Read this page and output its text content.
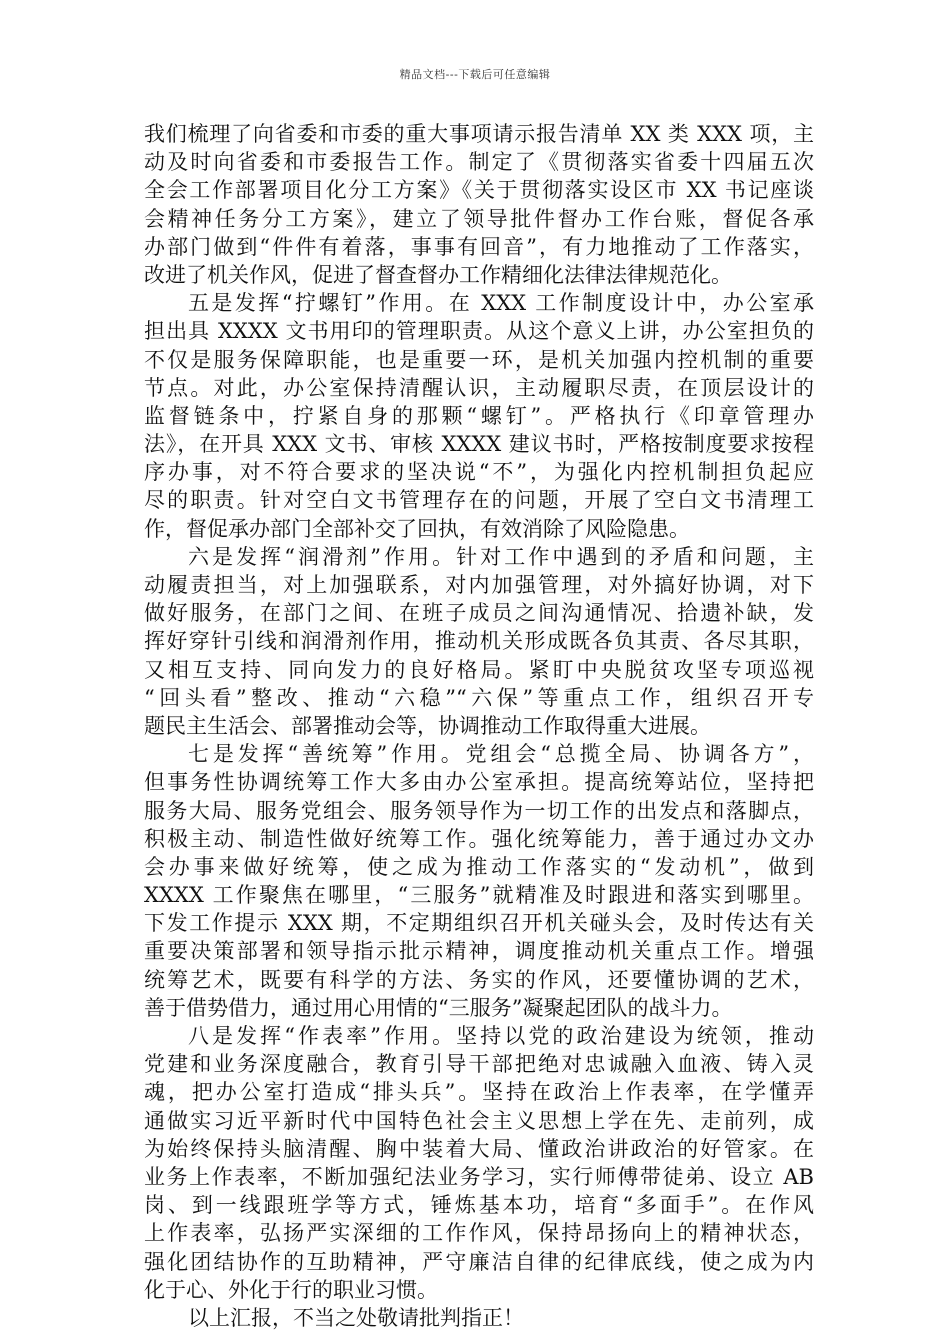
精品文档---下载后可任意编辑
我们梳理了向省委和市委的重大事项请示报告清单 XX 类 XXX 项，主
动及时向省委和市委报告工作。制定了《贯彻落实省委十四届五次
全会工作部署项目化分工方案》《关于贯彻落实设区市 XX 书记座谈
会精神任务分工方案》，建立了领导批件督办工作台账，督促各承
办部门做到“件件有着落，事事有回音”，有力地推动了工作落实，
改进了机关作风，促进了督查督办工作精细化法律法律规范化。
五是发挥“拧螺钉”作用。在 XXX 工作制度设计中，办公室承
担出具 XXXX 文书用印的管理职责。从这个意义上讲，办公室担负的
不仅是服务保障职能，也是重要一环，是机关加强内控机制的重要
节点。对此，办公室保持清醒认识，主动履职尽责，在顶层设计的
监督链条中，拧紧自身的那颗“螺钉”。严格执行《印章管理办
法》，在开具 XXX 文书、审核 XXXX 建议书时，严格按制度要求按程
序办事，对不符合要求的坚决说“不”，为强化内控机制担负起应
尽的职责。针对空白文书管理存在的问题，开展了空白文书清理工
作，督促承办部门全部补交了回执，有效消除了风险隐患。
六是发挥“润滑剂”作用。针对工作中遇到的矛盾和问题，主
动履责担当，对上加强联系，对内加强管理，对外搞好协调，对下
做好服务，在部门之间、在班子成员之间沟通情况、拾遗补缺，发
挥好穿针引线和润滑剂作用，推动机关形成既各负其责、各尽其职，
又相互支持、同向发力的良好格局。紧盯中央脱贫攻坚专项巡视
“回头看”整改、推动“六稳”“六保”等重点工作，组织召开专
题民主生活会、部署推动会等，协调推动工作取得重大进展。
七是发挥“善统筹”作用。党组会“总揽全局、协调各方”，
但事务性协调统筹工作大多由办公室承担。提高统筹站位，坚持把
服务大局、服务党组会、服务领导作为一切工作的出发点和落脚点，
积极主动、制造性做好统筹工作。强化统筹能力，善于通过办文办
会办事来做好统筹，使之成为推动工作落实的“发动机”，做到
XXXX 工作聚焦在哪里，“三服务”就精准及时跟进和落实到哪里。
下发工作提示 XXX 期，不定期组织召开机关碰头会，及时传达有关
重要决策部署和领导指示批示精神，调度推动机关重点工作。增强
统筹艺术，既要有科学的方法、务实的作风，还要懂协调的艺术，
善于借势借力，通过用心用情的“三服务”凝聚起团队的战斗力。
八是发挥“作表率”作用。坚持以党的政治建设为统领，推动
党建和业务深度融合，教育引导干部把绝对忠诚融入血液、铸入灵
魂，把办公室打造成“排头兵”。坚持在政治上作表率，在学懂弄
通做实习近平新时代中国特色社会主义思想上学在先、走前列，成
为始终保持头脑清醒、胸中装着大局、懂政治讲政治的好管家。在
业务上作表率，不断加强纪法业务学习，实行师傅带徒弟、设立 AB
岗、到一线跟班学等方式，锤炼基本功，培育“多面手”。在作风
上作表率，弘扬严实深细的工作作风，保持昂扬向上的精神状态，
强化团结协作的互助精神，严守廉洁自律的纪律底线，使之成为内
化于心、外化于行的职业习惯。
以上汇报，不当之处敬请批判指正！
